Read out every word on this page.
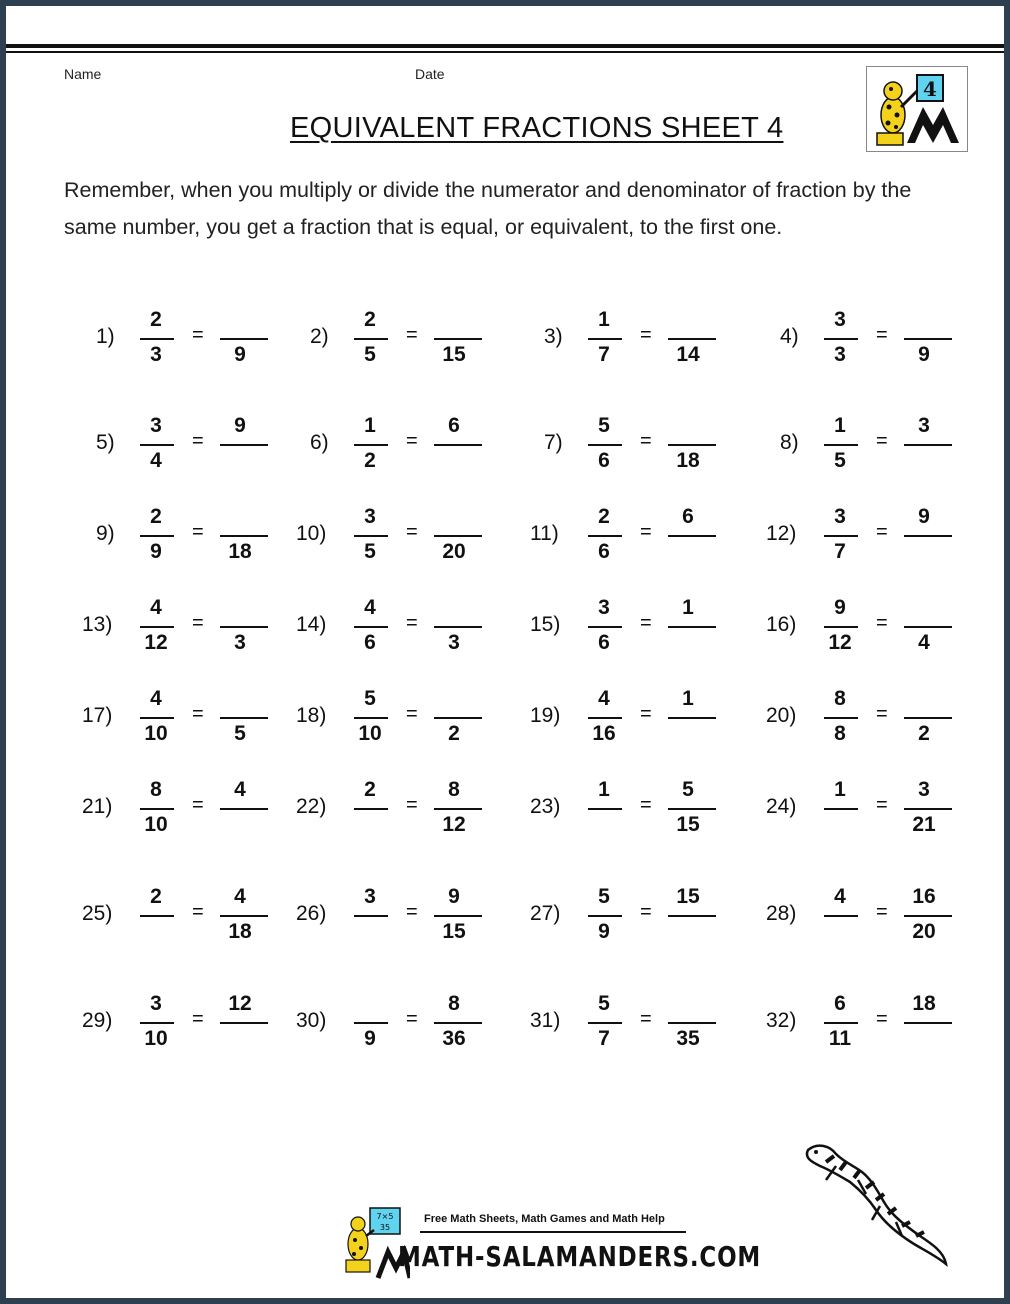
Name	Date
EQUIVALENT FRACTIONS SHEET 4
4
Remember, when you multiply or divide the numerator and denominator of fraction by the same number, you get a fraction that is equal, or equivalent, to the first one.
1)
2
3
=
9
2)
2
5
=
15
3)
1
7
=
14
4)
3
3
=
9
5)
3
4
=
9
6)
1
2
=
6
7)
5
6
=
18
8)
1
5
=
3
9)
2
9
=
18
10)
3
5
=
20
11)
2
6
=
6
12)
3
7
=
9
13)
4
12
=
3
14)
4
6
=
3
15)
3
6
=
1
16)
9
12
=
4
17)
4
10
=
5
18)
5
10
=
2
19)
4
16
=
1
20)
8
8
=
2
21)
8
10
=
4
22)
2
=
8
12
23)
1
=
5
15
24)
1
=
3
21
25)
2
=
4
18
26)
3
=
9
15
27)
5
9
=
15
28)
4
=
16
20
29)
3
10
=
12
30)
9
=
8
36
31)
5
7
=
35
32)
6
11
=
18
7×5
35
Free Math Sheets, Math Games and Math Help
MATH-SALAMANDERS.COM
